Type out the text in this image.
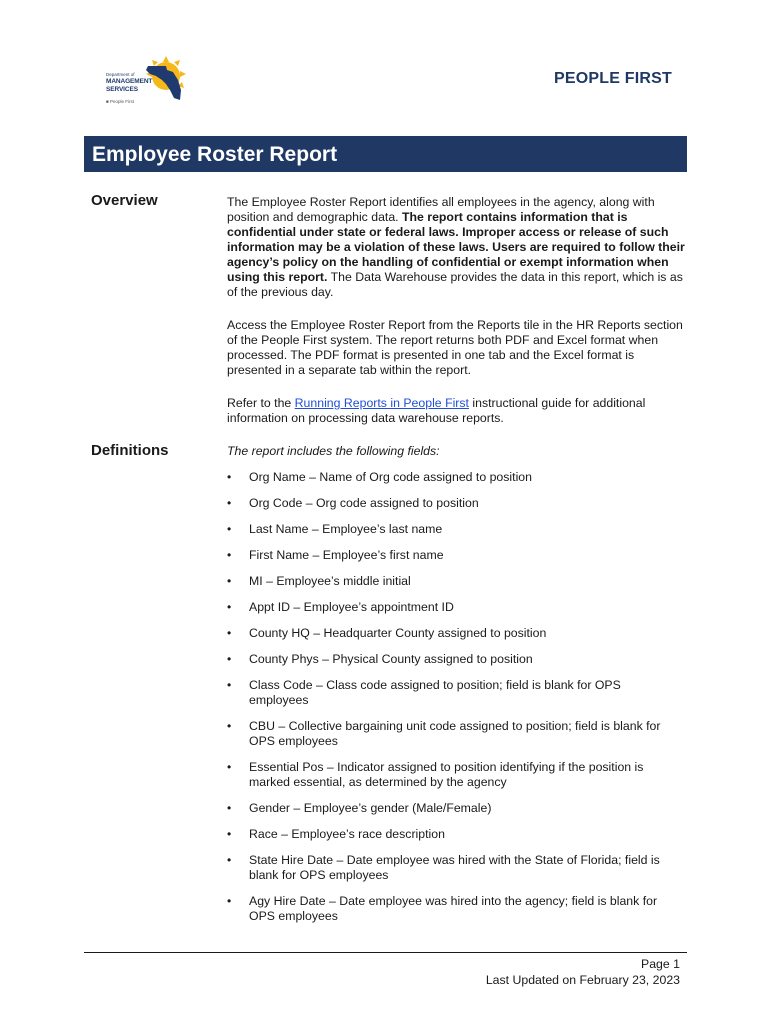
Department of
MANAGEMENT
SERVICES
■ People First
PEOPLE FIRST
Employee Roster Report
Overview	The Employee Roster Report identifies all employees in the agency, along with position and demographic data. The report contains information that is confidential under state or federal laws. Improper access or release of such information may be a violation of these laws. Users are required to follow their agency’s policy on the handling of confidential or exempt information when using this report. The Data Warehouse provides the data in this report, which is as of the previous day.

Access the Employee Roster Report from the Reports tile in the HR Reports section of the People First system. The report returns both PDF and Excel format when processed. The PDF format is presented in one tab and the Excel format is presented in a separate tab within the report.

Refer to the Running Reports in People First instructional guide for additional information on processing data warehouse reports.

Definitions	The report includes the following fields:

• Org Name – Name of Org code assigned to position
• Org Code – Org code assigned to position
• Last Name – Employee’s last name
• First Name – Employee’s first name
• MI – Employee’s middle initial
• Appt ID – Employee’s appointment ID
• County HQ – Headquarter County assigned to position
• County Phys – Physical County assigned to position
• Class Code – Class code assigned to position; field is blank for OPS employees
• CBU – Collective bargaining unit code assigned to position; field is blank for OPS employees
• Essential Pos – Indicator assigned to position identifying if the position is marked essential, as determined by the agency
• Gender – Employee’s gender (Male/Female)
• Race – Employee’s race description
• State Hire Date – Date employee was hired with the State of Florida; field is blank for OPS employees
• Agy Hire Date – Date employee was hired into the agency; field is blank for OPS employees
Page 1
Last Updated on February 23, 2023
